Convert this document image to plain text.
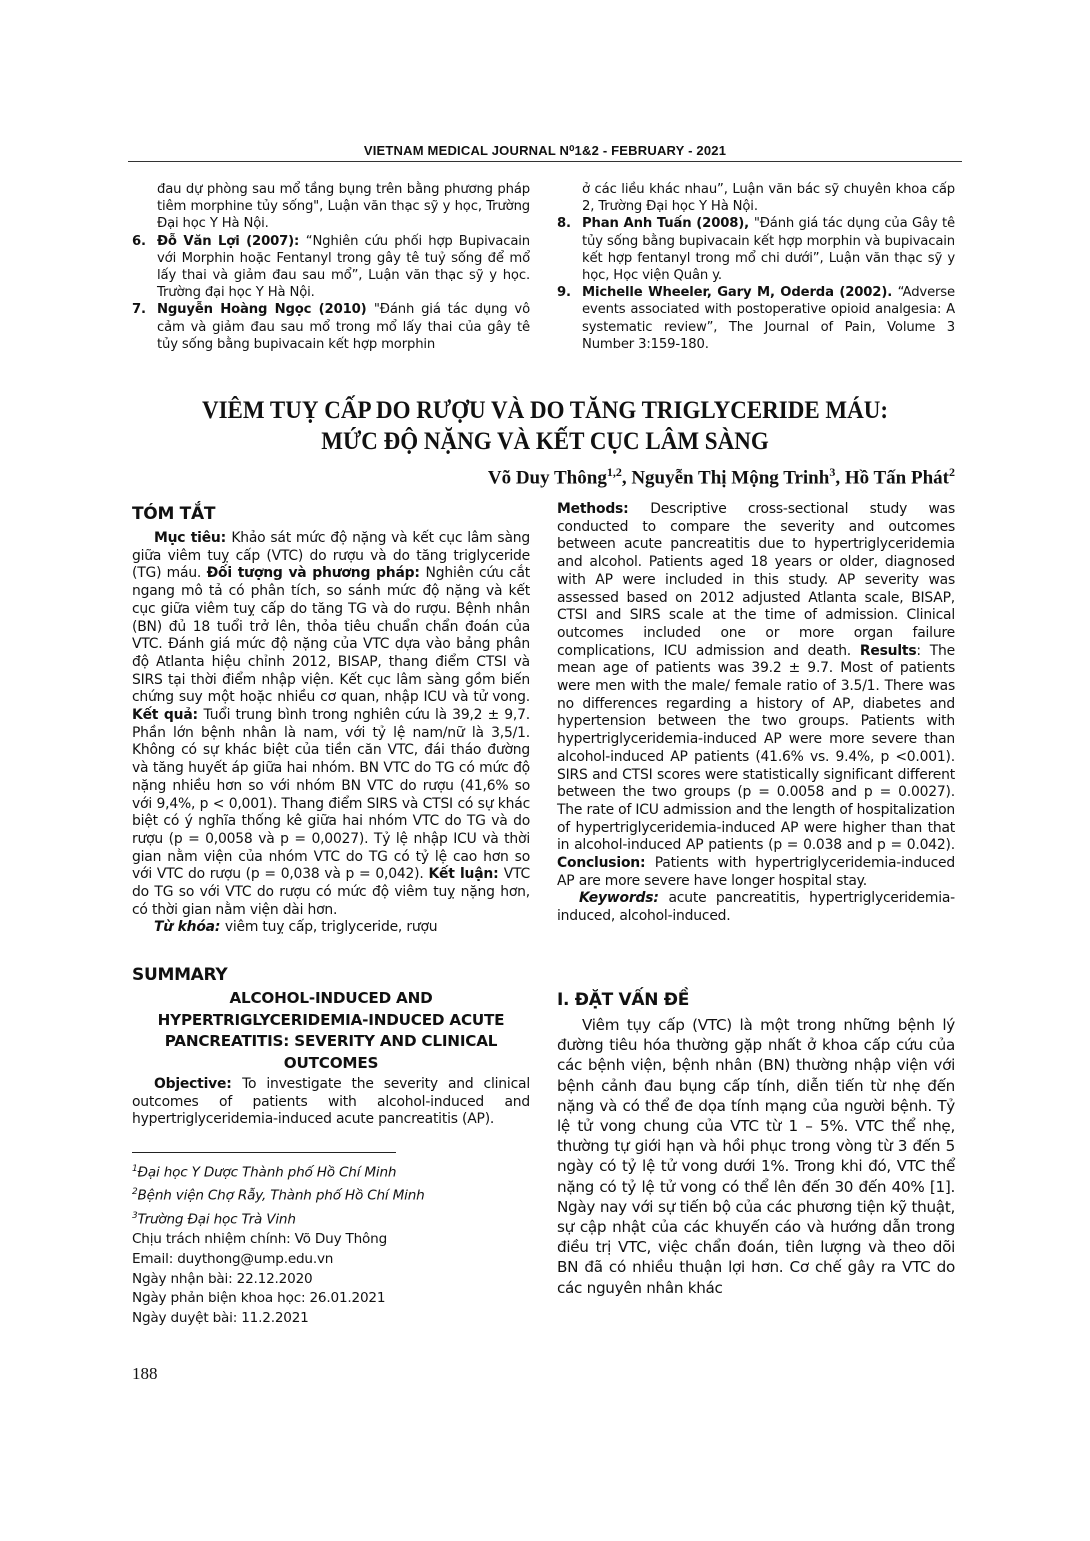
VIETNAM MEDICAL JOURNAL N⁰1&2 - FEBRUARY - 2021

đau dự phòng sau mổ tầng bụng trên bằng phương pháp tiêm morphine tủy sống", Luận văn thạc sỹ y học, Trường Đại học Y Hà Nội.

6. Đỗ Văn Lợi (2007): “Nghiên cứu phối hợp Bupivacain với Morphin hoặc Fentanyl trong gây tê tuỷ sống để mổ lấy thai và giảm đau sau mổ”, Luận văn thạc sỹ y học. Trường đại học Y Hà Nội.

7. Nguyễn Hoàng Ngọc (2010) "Đánh giá tác dụng vô cảm và giảm đau sau mổ trong mổ lấy thai của gây tê tủy sống bằng bupivacain kết hợp morphin

ở các liều khác nhau”, Luận văn bác sỹ chuyên khoa cấp 2, Trường Đại học Y Hà Nội.

8. Phan Anh Tuấn (2008), "Đánh giá tác dụng của Gây tê tủy sống bằng bupivacain kết hợp morphin và bupivacain kết hợp fentanyl trong mổ chi dưới”, Luận văn thạc sỹ y học, Học viện Quân y.

9. Michelle Wheeler, Gary M, Oderda (2002). “Adverse events associated with postoperative opioid analgesia: A systematic review”, The Journal of Pain, Volume 3 Number 3:159-180.

VIÊM TUỴ CẤP DO RƯỢU VÀ DO TĂNG TRIGLYCERIDE MÁU:
MỨC ĐỘ NẶNG VÀ KẾT CỤC LÂM SÀNG
Võ Duy Thông$^{1,2}$, Nguyễn Thị Mộng Trinh$^3$, Hồ Tấn Phát$^2$
TÓM TẮT

Mục tiêu: Khảo sát mức độ nặng và kết cục lâm sàng giữa viêm tuỵ cấp (VTC) do rượu và do tăng triglyceride (TG) máu. Đối tượng và phương pháp: Nghiên cứu cắt ngang mô tả có phân tích, so sánh mức độ nặng và kết cục giữa viêm tuỵ cấp do tăng TG và do rượu. Bệnh nhân (BN) đủ 18 tuổi trở lên, thỏa tiêu chuẩn chẩn đoán của VTC. Đánh giá mức độ nặng của VTC dựa vào bảng phân độ Atlanta hiệu chỉnh 2012, BISAP, thang điểm CTSI và SIRS tại thời điểm nhập viện. Kết cục lâm sàng gồm biến chứng suy một hoặc nhiều cơ quan, nhập ICU và tử vong. Kết quả: Tuổi trung bình trong nghiên cứu là 39,2 ± 9,7. Phần lớn bệnh nhân là nam, với tỷ lệ nam/nữ là 3,5/1. Không có sự khác biệt của tiền căn VTC, đái tháo đường và tăng huyết áp giữa hai nhóm. BN VTC do TG có mức độ nặng nhiều hơn so với nhóm BN VTC do rượu (41,6% so với 9,4%, p < 0,001). Thang điểm SIRS và CTSI có sự khác biệt có ý nghĩa thống kê giữa hai nhóm VTC do TG và do rượu (p = 0,0058 và p = 0,0027). Tỷ lệ nhập ICU và thời gian nằm viện của nhóm VTC do TG có tỷ lệ cao hơn so với VTC do rượu (p = 0,038 và p = 0,042). Kết luận: VTC do TG so với VTC do rượu có mức độ viêm tuỵ nặng hơn, có thời gian nằm viện dài hơn.

Từ khóa: viêm tuỵ cấp, triglyceride, rượu

SUMMARY
ALCOHOL-INDUCED AND HYPERTRIGLYCERIDEMIA-INDUCED ACUTE PANCREATITIS: SEVERITY AND CLINICAL OUTCOMES

Objective: To investigate the severity and clinical outcomes of patients with alcohol-induced and hypertriglyceridemia-induced acute pancreatitis (AP).

$^1$Đại học Y Dược Thành phố Hồ Chí Minh
$^2$Bệnh viện Chợ Rẫy, Thành phố Hồ Chí Minh
$^3$Trường Đại học Trà Vinh
Chịu trách nhiệm chính: Võ Duy Thông
Email: duythong@ump.edu.vn
Ngày nhận bài: 22.12.2020
Ngày phản biện khoa học: 26.01.2021
Ngày duyệt bài: 11.2.2021

Methods: Descriptive cross-sectional study was conducted to compare the severity and outcomes between acute pancreatitis due to hypertriglyceridemia and alcohol. Patients aged 18 years or older, diagnosed with AP were included in this study. AP severity was assessed based on 2012 adjusted Atlanta scale, BISAP, CTSI and SIRS scale at the time of admission. Clinical outcomes included one or more organ failure complications, ICU admission and death. Results: The mean age of patients was 39.2 ± 9.7. Most of patients were men with the male/ female ratio of 3.5/1. There was no differences regarding a history of AP, diabetes and hypertension between the two groups. Patients with hypertriglyceridemia-induced AP were more severe than alcohol-induced AP patients (41.6% vs. 9.4%, p <0.001). SIRS and CTSI scores were statistically significant different between the two groups (p = 0.0058 and p = 0.0027). The rate of ICU admission and the length of hospitalization of hypertriglyceridemia-induced AP were higher than that in alcohol-induced AP patients (p = 0.038 and p = 0.042). Conclusion: Patients with hypertriglyceridemia-induced AP are more severe have longer hospital stay.

Keywords: acute pancreatitis, hypertriglyceridemia-induced, alcohol-induced.

I. ĐẶT VẤN ĐỀ

Viêm tụy cấp (VTC) là một trong những bệnh lý đường tiêu hóa thường gặp nhất ở khoa cấp cứu của các bệnh viện, bệnh nhân (BN) thường nhập viện với bệnh cảnh đau bụng cấp tính, diễn tiến từ nhẹ đến nặng và có thể đe dọa tính mạng của người bệnh. Tỷ lệ tử vong chung của VTC từ 1 – 5%. VTC thể nhẹ, thường tự giới hạn và hồi phục trong vòng từ 3 đến 5 ngày có tỷ lệ tử vong dưới 1%. Trong khi đó, VTC thể nặng có tỷ lệ tử vong có thể lên đến 30 đến 40% [1]. Ngày nay với sự tiến bộ của các phương tiện kỹ thuật, sự cập nhật của các khuyến cáo và hướng dẫn trong điều trị VTC, việc chẩn đoán, tiên lượng và theo dõi BN đã có nhiều thuận lợi hơn. Cơ chế gây ra VTC do các nguyên nhân khác

188
